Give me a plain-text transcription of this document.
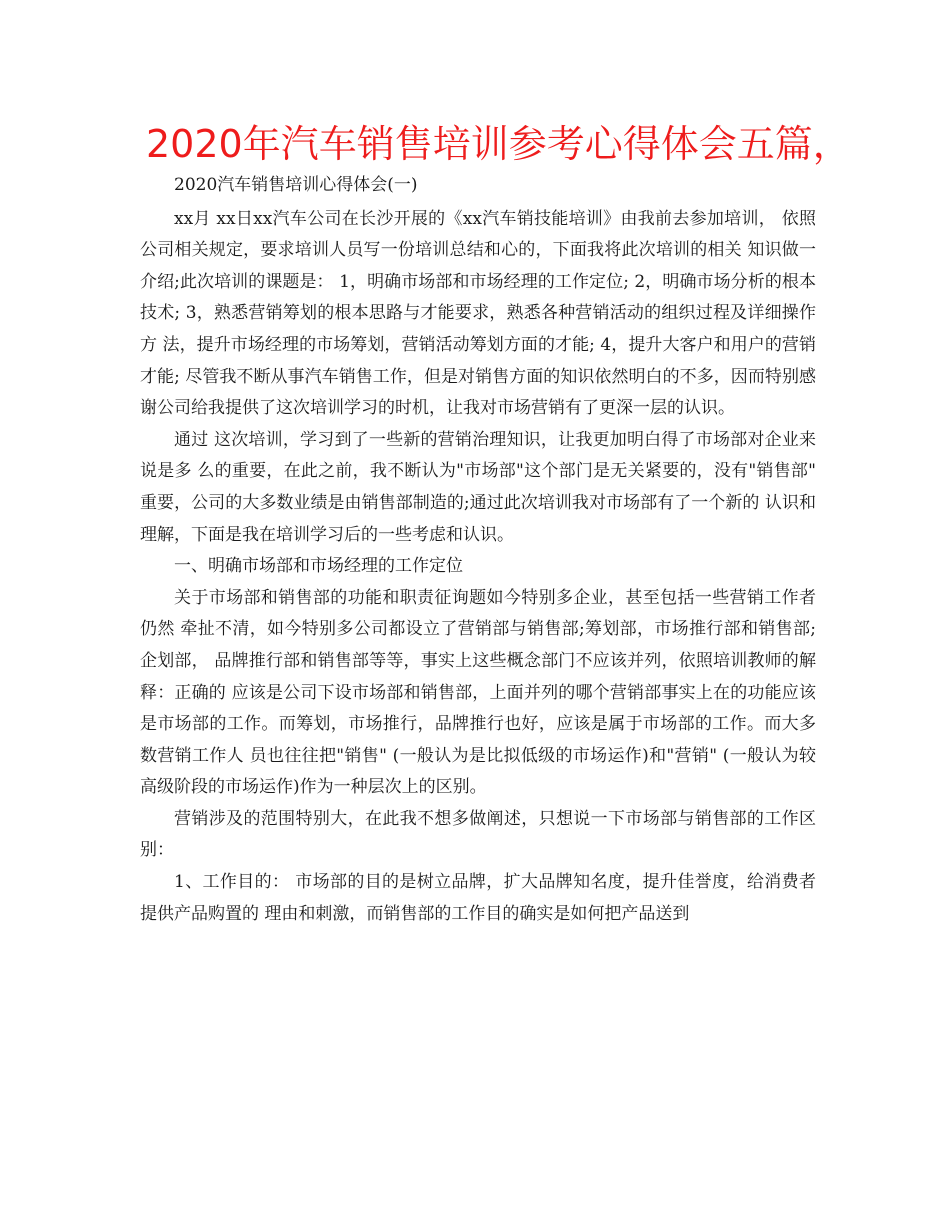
2020年汽车销售培训参考心得体会五篇，

2020汽车销售培训心得体会(一)

xx月 xx日xx汽车公司在长沙开展的《xx汽车销技能培训》由我前去参加培训， 依照公司相关规定，要求培训人员写一份培训总结和心的，下面我将此次培训的相关 知识做一介绍;此次培训的课题是： 1，明确市场部和市场经理的工作定位; 2，明确市场分析的根本技术; 3，熟悉营销筹划的根本思路与才能要求，熟悉各种营销活动的组织过程及详细操作方 法，提升市场经理的市场筹划，营销活动筹划方面的才能; 4，提升大客户和用户的营销才能; 尽管我不断从事汽车销售工作，但是对销售方面的知识依然明白的不多，因而特别感 谢公司给我提供了这次培训学习的时机，让我对市场营销有了更深一层的认识。

通过 这次培训，学习到了一些新的营销治理知识，让我更加明白得了市场部对企业来说是多 么的重要，在此之前，我不断认为"市场部"这个部门是无关紧要的，没有"销售部" 重要，公司的大多数业绩是由销售部制造的;通过此次培训我对市场部有了一个新的 认识和理解，下面是我在培训学习后的一些考虑和认识。

一、明确市场部和市场经理的工作定位

关于市场部和销售部的功能和职责征询题如今特别多企业，甚至包括一些营销工作者仍然 牵扯不清，如今特别多公司都设立了营销部与销售部;筹划部，市场推行部和销售部;企划部， 品牌推行部和销售部等等，事实上这些概念部门不应该并列，依照培训教师的解释：正确的 应该是公司下设市场部和销售部，上面并列的哪个营销部事实上在的功能应该是市场部的工作。而筹划，市场推行，品牌推行也好，应该是属于市场部的工作。而大多数营销工作人 员也往往把"销售" (一般认为是比拟低级的市场运作)和"营销" (一般认为较高级阶段的市场运作)作为一种层次上的区别。

营销涉及的范围特别大，在此我不想多做阐述，只想说一下市场部与销售部的工作区别：

1、工作目的： 市场部的目的是树立品牌，扩大品牌知名度，提升佳誉度，给消费者提供产品购置的 理由和刺激，而销售部的工作目的确实是如何把产品送到
